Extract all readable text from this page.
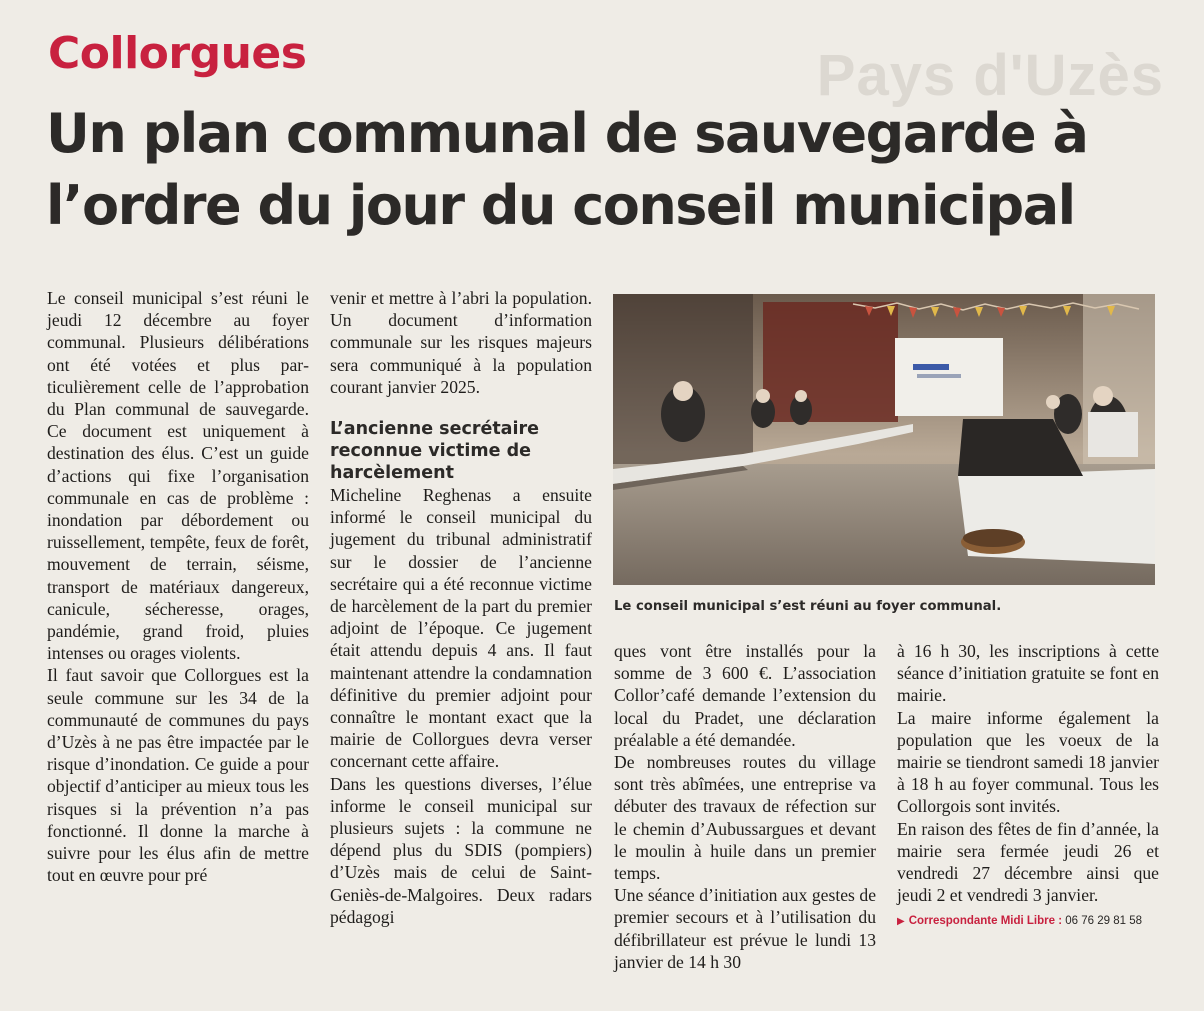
Pays d'Uzès
Collorgues
Un plan communal de sauvegarde à l’ordre du jour du conseil municipal

Le conseil municipal s’est réuni le jeudi 12 décembre au foyer communal. Plusieurs délibérations ont été votées et plus particulièrement celle de l’approbation du Plan communal de sauvegarde. Ce document est uniquement à destination des élus. C’est un guide d’actions qui fixe l’organisation communale en cas de problème : inondation par débordement ou ruissellement, tempête, feux de forêt, mouvement de terrain, séisme, transport de matériaux dangereux, canicule, sécheresse, orages, pandémie, grand froid, pluies intenses ou orages violents.

Il faut savoir que Collorgues est la seule commune sur les 34 de la communauté de communes du pays d’Uzès à ne pas être impactée par le risque d’inondation. Ce guide a pour objectif d’anticiper au mieux tous les risques si la prévention n’a pas fonctionné. Il donne la marche à suivre pour les élus afin de mettre tout en œuvre pour pré

venir et mettre à l’abri la population. Un document d’information communale sur les risques majeurs sera communiqué à la population courant janvier 2025.

L’ancienne secrétaire reconnue victime de harcèlement

Micheline Reghenas a ensuite informé le conseil municipal du jugement du tribunal administratif sur le dossier de l’ancienne secrétaire qui a été reconnue victime de harcèlement de la part du premier adjoint de l’époque. Ce jugement était attendu depuis 4 ans. Il faut maintenant attendre la condamnation définitive du premier adjoint pour connaître le montant exact que la mairie de Collorgues devra verser concernant cette affaire.

Dans les questions diverses, l’élue informe le conseil municipal sur plusieurs sujets : la commune ne dépend plus du SDIS (pompiers) d’Uzès mais de celui de Saint-Geniès-de-Malgoires. Deux radars pédagogi

Le conseil municipal s’est réuni au foyer communal.

ques vont être installés pour la somme de 3 600 €. L’association Collor’café demande l’extension du local du Pradet, une déclaration préalable a été demandée.

De nombreuses routes du village sont très abîmées, une entreprise va débuter des travaux de réfection sur le chemin d’Aubussargues et devant le moulin à huile dans un premier temps.

Une séance d’initiation aux gestes de premier secours et à l’utilisation du défibrillateur est prévue le lundi 13 janvier de 14 h 30

à 16 h 30, les inscriptions à cette séance d’initiation gratuite se font en mairie.

La maire informe également la population que les voeux de la mairie se tiendront samedi 18 janvier à 18 h au foyer communal. Tous les Collorgois sont invités.

En raison des fêtes de fin d’année, la mairie sera fermée jeudi 26 et vendredi 27 décembre ainsi que jeudi 2 et vendredi 3 janvier.

▶ Correspondante Midi Libre : 06 76 29 81 58
